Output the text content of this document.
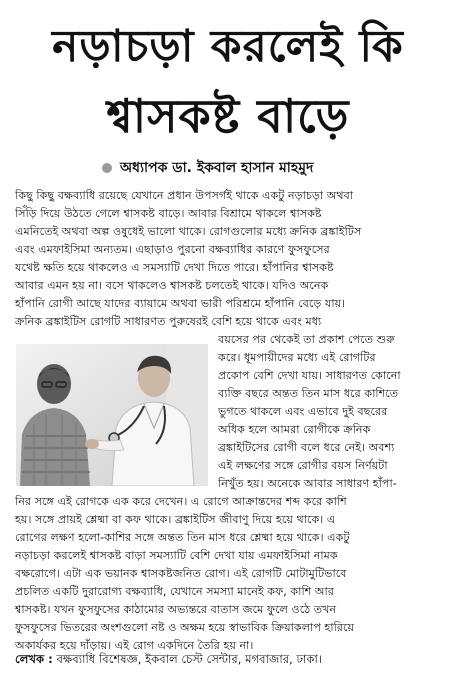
নড়াচড়া করলেই কি
শ্বাসকষ্ট বাড়ে
অধ্যাপক ডা. ইকবাল হাসান মাহমুদ
কিছু কিছু বক্ষব্যাধি রয়েছে যেখানে প্রধান উপসর্গই থাকে একটু নড়াচড়া অথবা
সিঁড়ি দিয়ে উঠতে গেলে শ্বাসকষ্ট বাড়ে। আবার বিশ্রামে থাকলে শ্বাসকষ্ট
এমনিতেই অথবা অল্প ওষুধেই ভালো থাকে। রোগগুলোর মধ্যে ক্রনিক ব্রঙ্কাইটিস
এবং এমফাইসিমা অন্যতম। এছাড়াও পুরনো বক্ষব্যাধির কারণে ফুসফুসের
যথেষ্ট ক্ষতি হয়ে থাকলেও এ সমস্যাটি দেখা দিতে পারে। হাঁপানির শ্বাসকষ্ট
আবার এমন হয় না। বসে থাকলেও শ্বাসকষ্ট চলতেই থাকে। যদিও অনেক
হাঁপানি রোগী আছে যাদের ব্যায়ামে অথবা ভারী পরিশ্রমে হাঁপানি বেড়ে যায়।
ক্রনিক ব্রঙ্কাইটিস রোগটি সাধারণত পুরুষেরই বেশি হয়ে থাকে এবং মধ্য
বয়সের পর থেকেই তা প্রকাশ পেতে শুরু
করে। ধূমপায়ীদের মধ্যে এই রোগটির
প্রকোপ বেশি দেখা যায়। সাধারণত কোনো
ব্যক্তি বছরে অন্তত তিন মাস ধরে কাশিতে
ভুগতে থাকলে এবং এভাবে দুই বছরের
অধিক হলে আমরা রোগীকে ক্রনিক
ব্রঙ্কাইটিসের রোগী বলে ধরে নেই। অবশ্য
এই লক্ষণের সঙ্গে রোগীর বয়স নির্ণয়টা
নিখুঁত হয়। অনেকে আবার সাধারণ হাঁপা-
নির সঙ্গে এই রোগকে এক করে দেখেন। এ রোগে আক্রান্তদের শব্দ করে কাশি
হয়। সঙ্গে প্রায়ই শ্লেষ্মা বা কফ থাকে। ব্রঙ্কাইটিস জীবাণু দিয়ে হয়ে থাকে। এ
রোগের লক্ষণ হলো-কাশির সঙ্গে অন্তত তিন মাস ধরে শ্লেষ্মা হয়ে থাকে। একটু
নড়াচড়া করলেই শ্বাসকষ্ট বাড়া সমস্যাটি বেশি দেখা যায় এমফাইসিমা নামক
বক্ষরোগে। এটা এক ভয়ানক শ্বাসকষ্টজনিত রোগ। এই রোগটি মোটামুটিভাবে
প্রচলিত একটি দুরারোগ্য বক্ষব্যাধি, যেখানে সমস্যা মানেই কফ, কাশি আর
শ্বাসকষ্ট। যখন ফুসফুসের কাঠামোর অভ্যন্তরে বাতাস জমে ফুলে ওঠে তখন
ফুসফুসের ভিতরের অংশগুলো নষ্ট ও অক্ষম হয়ে স্বাভাবিক ক্রিয়াকলাপ হারিয়ে
অকার্যকর হয়ে দাঁড়ায়। এই রোগ একদিনে তৈরি হয় না।
লেখক : বক্ষব্যাধি বিশেষজ্ঞ, ইকবাল চেস্ট সেন্টার, মগবাজার, ঢাকা।
